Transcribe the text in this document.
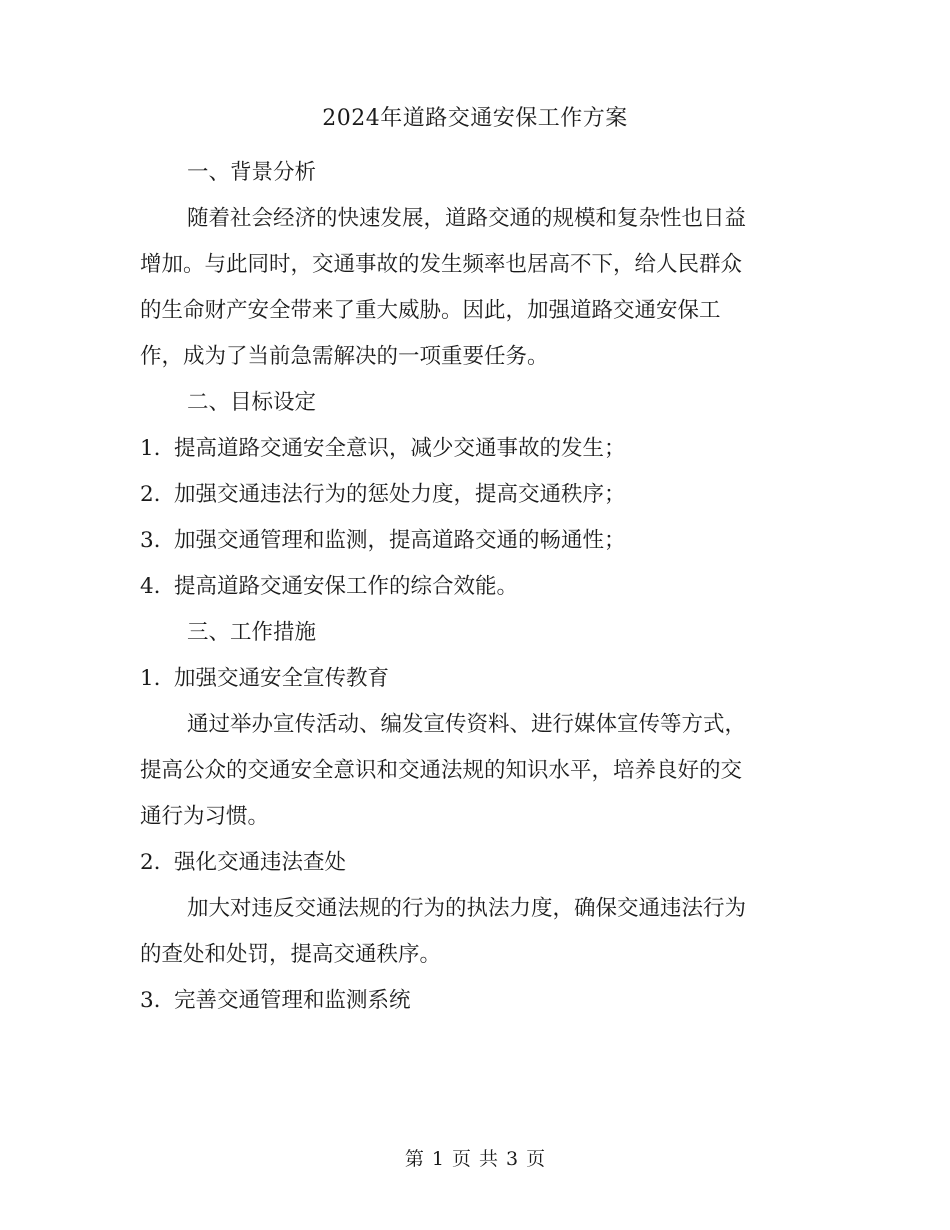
2024年道路交通安保工作方案

一、背景分析

随着社会经济的快速发展，道路交通的规模和复杂性也日益

增加。与此同时，交通事故的发生频率也居高不下，给人民群众

的生命财产安全带来了重大威胁。因此，加强道路交通安保工

作，成为了当前急需解决的一项重要任务。

二、目标设定

1. 提高道路交通安全意识，减少交通事故的发生；

2. 加强交通违法行为的惩处力度，提高交通秩序；

3. 加强交通管理和监测，提高道路交通的畅通性；

4. 提高道路交通安保工作的综合效能。

三、工作措施

1. 加强交通安全宣传教育

通过举办宣传活动、编发宣传资料、进行媒体宣传等方式，

提高公众的交通安全意识和交通法规的知识水平，培养良好的交

通行为习惯。

2. 强化交通违法查处

加大对违反交通法规的行为的执法力度，确保交通违法行为

的查处和处罚，提高交通秩序。

3. 完善交通管理和监测系统

第 1 页 共 3 页
